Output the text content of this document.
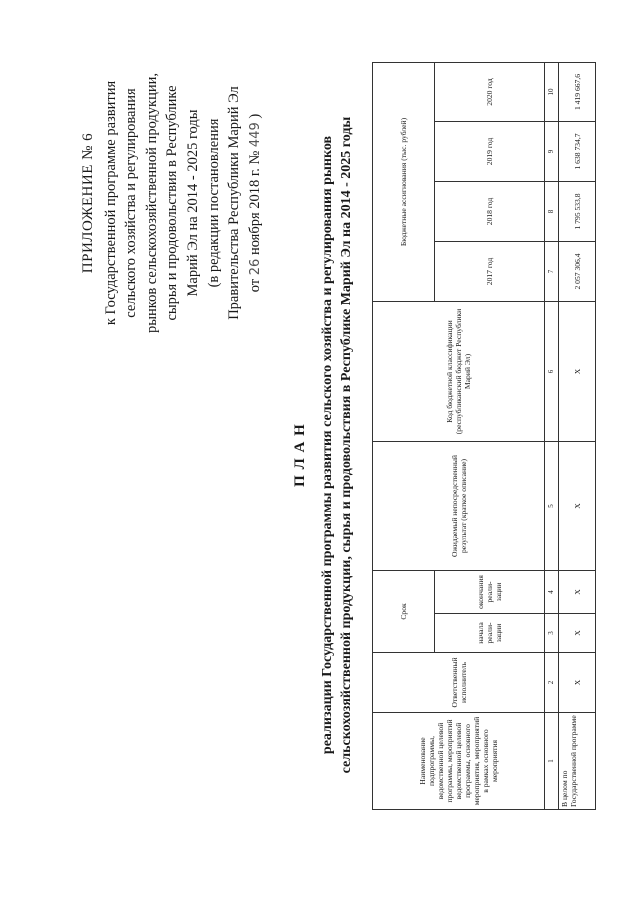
ПРИЛОЖЕНИЕ № 6 к Государственной программе развития сельского хозяйства и регулирования рынков сельскохозяйственной продукции, сырья и продовольствия в Республике Марий Эл на 2014 - 2025 годы (в редакции постановления Правительства Республики Марий Эл от 26 ноября 2018 г. № 449 )
П Л А Н реализации Государственной программы развития сельского хозяйства и регулирования рынков сельскохозяйственной продукции, сырья и продовольствия в Республике Марий Эл на 2014 - 2025 годы	Наименование подпрограммы, ведомственной целевой программы, мероприятий ведомственной целевой программы, основного мероприятия, мероприятий в рамках основного мероприятия	Ответственный исполнитель	Срок		Ожидаемый непосредственный результат (краткое описание)	Код бюджетной классификации (республиканский бюджет Республики Марий Эл)	Бюджетные ассигнования (тыс. рублей)			
		начала реали-зации	окончания реали-зации			2017 год	2018 год	2019 год	2020 год
1	2	3	4	5	6	7	8	9	10
В целом по Государственной программе	X	X	X	X	X	2 057 306,4	1 795 533,8	1 638 734,7	1 419 667,6
